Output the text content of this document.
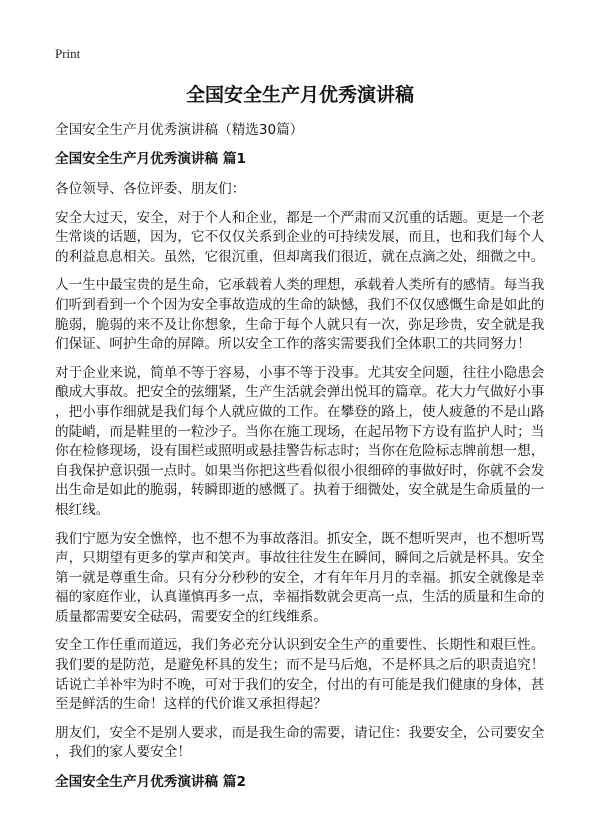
Print
全国安全生产月优秀演讲稿
全国安全生产月优秀演讲稿（精选30篇）
全国安全生产月优秀演讲稿 篇1
各位领导、各位评委、朋友们：
安全大过天，安全，对于个人和企业，都是一个严肃而又沉重的话题。更是一个老
生常谈的话题，因为，它不仅仅关系到企业的可持续发展，而且，也和我们每个人
的利益息息相关。虽然，它很沉重，但却离我们很近，就在点滴之处，细微之中。
人一生中最宝贵的是生命，它承载着人类的理想，承载着人类所有的感情。每当我
们听到看到一个个因为安全事故造成的生命的缺憾，我们不仅仅感慨生命是如此的
脆弱，脆弱的来不及让你想象，生命于每个人就只有一次，弥足珍贵，安全就是我
们保证、呵护生命的屏障。所以安全工作的落实需要我们全体职工的共同努力！
对于企业来说，简单不等于容易，小事不等于没事。尤其安全问题，往往小隐患会
酿成大事故。把安全的弦绷紧，生产生活就会弹出悦耳的篇章。花大力气做好小事
，把小事作细就是我们每个人就应做的工作。在攀登的路上，使人疲惫的不是山路
的陡峭，而是鞋里的一粒沙子。当你在施工现场，在起吊物下方设有监护人时；当
你在检修现场，设有围栏或照明或悬挂警告标志时；当你在危险标志牌前想一想，
自我保护意识强一点时。如果当你把这些看似很小很细碎的事做好时，你就不会发
出生命是如此的脆弱，转瞬即逝的感慨了。执着于细微处，安全就是生命质量的一
根红线。
我们宁愿为安全憔悴，也不想不为事故落泪。抓安全，既不想听哭声，也不想听骂
声，只期望有更多的掌声和笑声。事故往往发生在瞬间，瞬间之后就是杯具。安全
第一就是尊重生命。只有分分秒秒的安全，才有年年月月的幸福。抓安全就像是幸
福的家庭作业，认真谨慎再多一点，幸福指数就会更高一点，生活的质量和生命的
质量都需要安全砝码，需要安全的红线维系。
安全工作任重而道远，我们务必充分认识到安全生产的重要性、长期性和艰巨性。
我们要的是防范，是避免杯具的发生；而不是马后炮，不是杯具之后的职责追究！
话说亡羊补牢为时不晚，可对于我们的安全，付出的有可能是我们健康的身体，甚
至是鲜活的生命！这样的代价谁又承担得起？
朋友们，安全不是别人要求，而是我生命的需要，请记住：我要安全，公司要安全
，我们的家人要安全！
全国安全生产月优秀演讲稿 篇2
